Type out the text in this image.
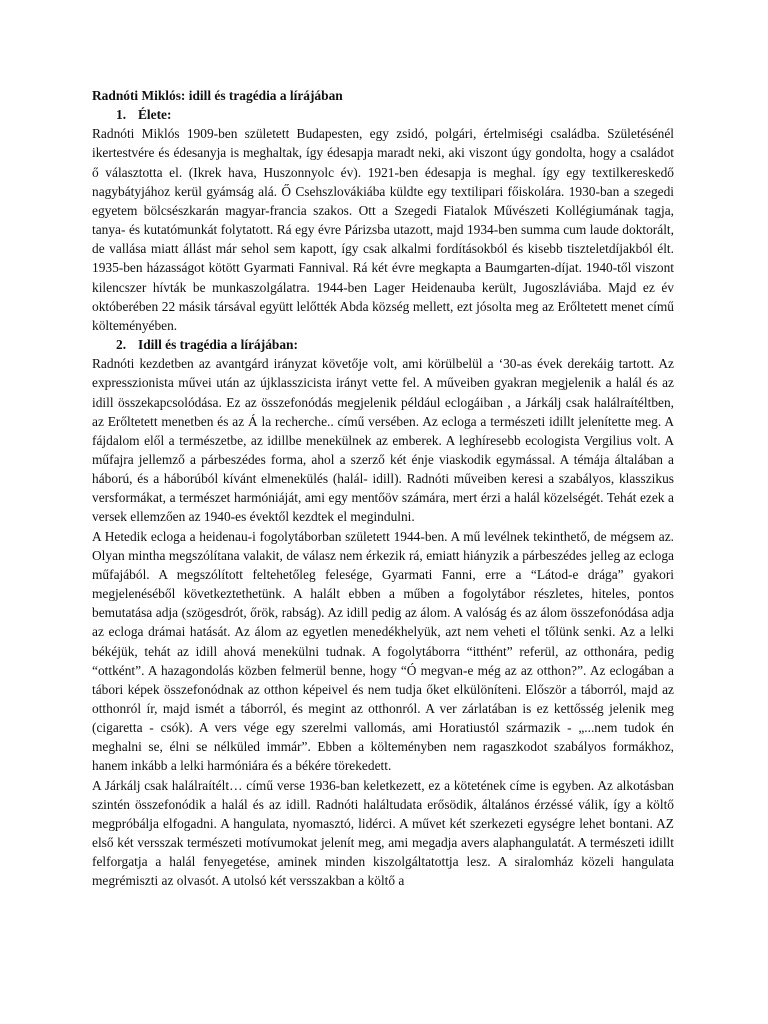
Radnóti Miklós: idill és tragédia a lírájában

1. Élete:

Radnóti Miklós 1909-ben született Budapesten, egy zsidó, polgári, értelmiségi családba. Születésénél ikertestvére és édesanyja is meghaltak, így édesapja maradt neki, aki viszont úgy gondolta, hogy a családot ő választotta el. (Ikrek hava, Huszonnyolc év). 1921-ben édesapja is meghal. így egy textilkereskedő nagybátyjához kerül gyámság alá. Ő Csehszlovákiába küldte egy textilipari főiskolára. 1930-ban a szegedi egyetem bölcsészkarán magyar-francia szakos. Ott a Szegedi Fiatalok Művészeti Kollégiumának tagja, tanya- és kutatómunkát folytatott. Rá egy évre Párizsba utazott, majd 1934-ben summa cum laude doktorált, de vallása miatt állást már sehol sem kapott, így csak alkalmi fordításokból és kisebb tiszteletdíjakból élt. 1935-ben házasságot kötött Gyarmati Fannival. Rá két évre megkapta a Baumgarten-díjat. 1940-től viszont kilencszer hívták be munkaszolgálatra. 1944-ben Lager Heidenauba került, Jugoszláviába. Majd ez év októberében 22 másik társával együtt lelőtték Abda község mellett, ezt jósolta meg az Erőltetett menet című költeményében.

2. Idill és tragédia a lírájában:

Radnóti kezdetben az avantgárd irányzat követője volt, ami körülbelül a ‘30-as évek derekáig tartott. Az expresszionista művei után az újklasszicista irányt vette fel. A műveiben gyakran megjelenik a halál és az idill összekapcsolódása. Ez az összefonódás megjelenik például eclogáiban , a Járkálj csak halálraítéltben, az Erőltetett menetben és az Á la recherche.. című versében. Az ecloga a természeti idillt jelenítette meg. A fájdalom elől a természetbe, az idillbe menekülnek az emberek. A leghíresebb ecologista Vergilius volt. A műfajra jellemző a párbeszédes forma, ahol a szerző két énje viaskodik egymással. A témája általában a háború, és a háborúból kívánt elmenekülés (halál- idill). Radnóti műveiben keresi a szabályos, klasszikus versformákat, a természet harmóniáját, ami egy mentőöv számára, mert érzi a halál közelségét. Tehát ezek a versek ellemzően az 1940-es évektől kezdtek el megindulni.

A Hetedik ecloga a heidenau-i fogolytáborban született 1944-ben. A mű levélnek tekinthető, de mégsem az. Olyan mintha megszólítana valakit, de válasz nem érkezik rá, emiatt hiányzik a párbeszédes jelleg az ecloga műfajából. A megszólított feltehetőleg felesége, Gyarmati Fanni, erre a “Látod-e drága” gyakori megjelenéséből következtethetünk. A halált ebben a műben a fogolytábor részletes, hiteles, pontos bemutatása adja (szögesdrót, őrök, rabság). Az idill pedig az álom. A valóság és az álom összefonódása adja az ecloga drámai hatását. Az álom az egyetlen menedékhelyük, azt nem veheti el tőlünk senki. Az a lelki békéjük, tehát az idill ahová menekülni tudnak. A fogolytáborra “itthént” referül, az otthonára, pedig “ottként”. A hazagondolás közben felmerül benne, hogy “Ó megvan-e még az az otthon?”. Az eclogában a tábori képek összefonódnak az otthon képeivel és nem tudja őket elkülöníteni. Először a táborról, majd az otthonról ír, majd ismét a táborról, és megint az otthonról. A ver zárlatában is ez kettősség jelenik meg (cigaretta - csók). A vers vége egy szerelmi vallomás, ami Horatiustól származik - „...nem tudok én meghalni se, élni se nélküled immár”. Ebben a költeményben nem ragaszkodot szabályos formákhoz, hanem inkább a lelki harmóniára és a békére törekedett.

A Járkálj csak halálraítélt… című verse 1936-ban keletkezett, ez a kötetének címe is egyben. Az alkotásban szintén összefonódik a halál és az idill. Radnóti haláltudata erősödik, általános érzéssé válik, így a költő megpróbálja elfogadni. A hangulata, nyomasztó, lidérci. A művet két szerkezeti egységre lehet bontani. AZ első két versszak természeti motívumokat jelenít meg, ami megadja avers alaphangulatát. A természeti idillt felforgatja a halál fenyegetése, aminek minden kiszolgáltatottja lesz. A siralomház közeli hangulata megrémiszti az olvasót. A utolsó két versszakban a költő a
